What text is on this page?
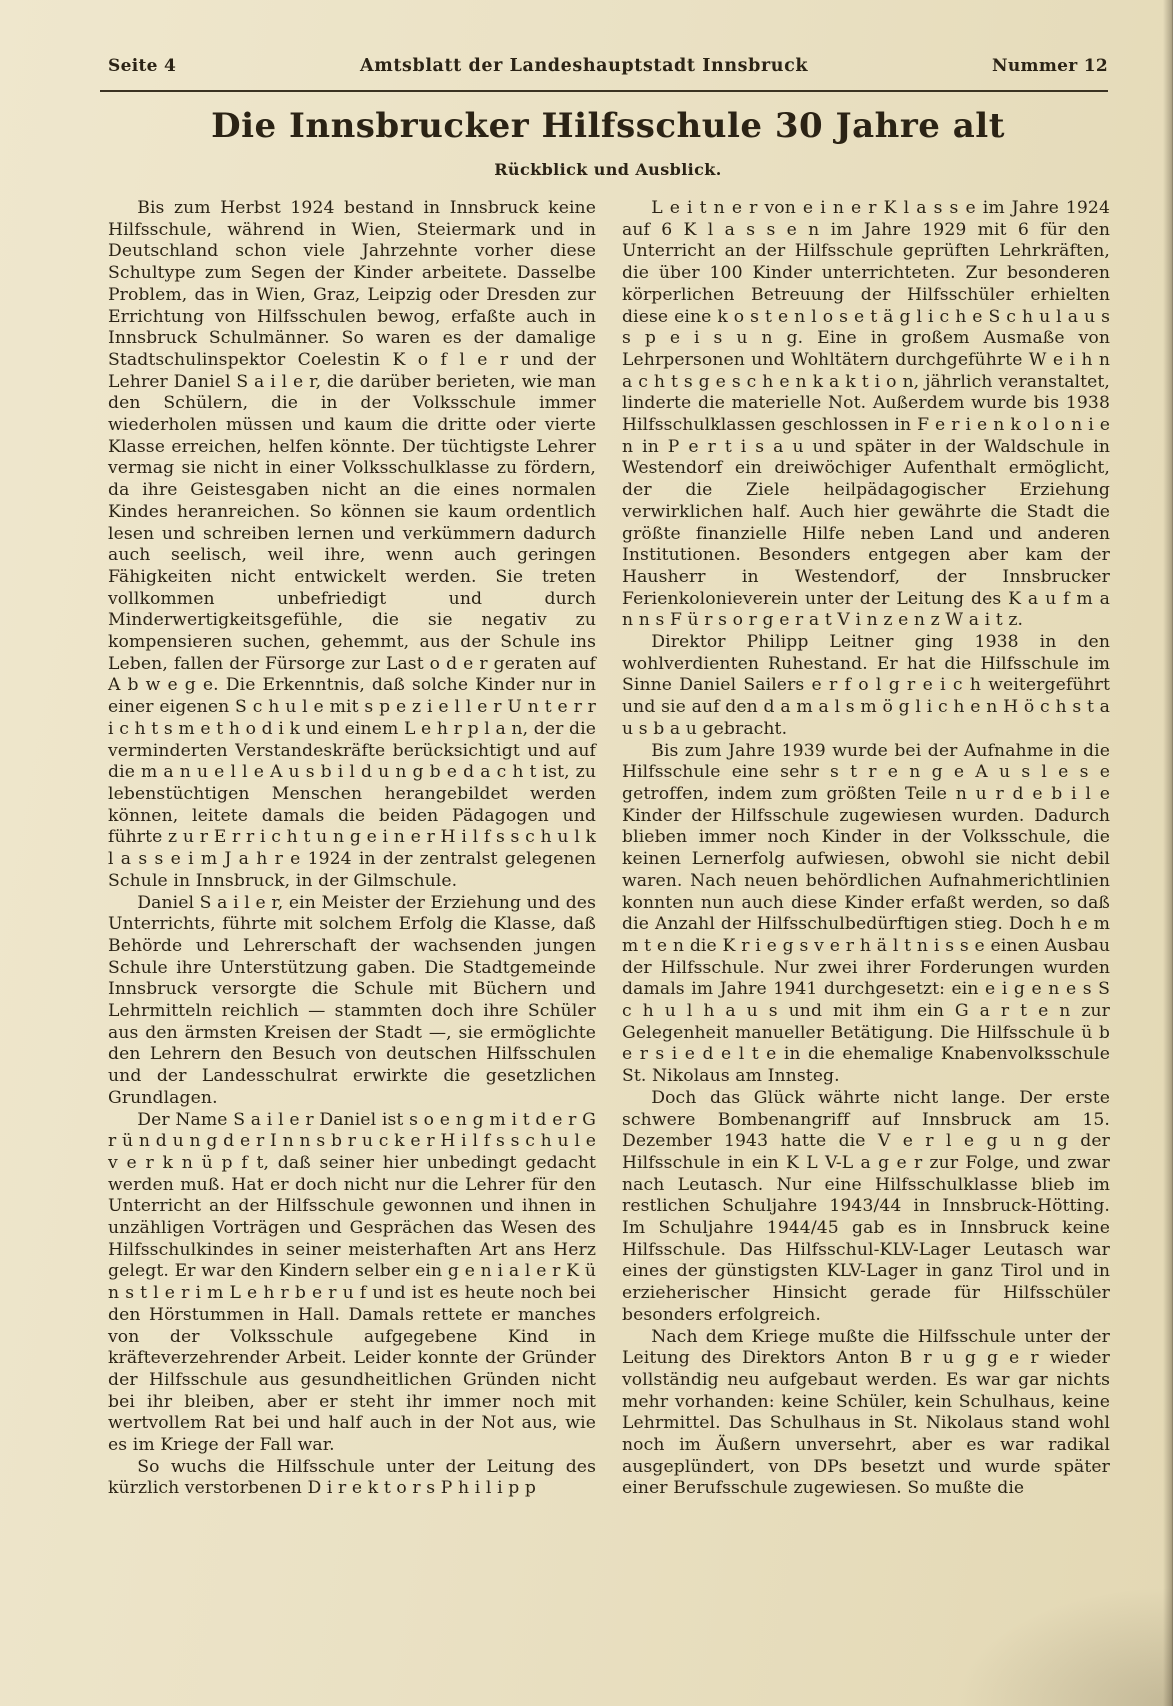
Seite 4	Amtsblatt der Landeshauptstadt Innsbruck	Nummer 12
Die Innsbrucker Hilfsschule 30 Jahre alt
Rückblick und Ausblick.

Bis zum Herbst 1924 bestand in Innsbruck keine Hilfsschule, während in Wien, Steiermark und in Deutschland schon viele Jahrzehnte vorher diese Schultype zum Segen der Kinder arbeitete. Dasselbe Problem, das in Wien, Graz, Leipzig oder Dresden zur Errichtung von Hilfsschulen bewog, erfaßte auch in Innsbruck Schulmänner. So waren es der damalige Stadtschulinspektor Coelestin K o f l e r und der Lehrer Daniel S a i l e r, die darüber berieten, wie man den Schülern, die in der Volksschule immer wiederholen müssen und kaum die dritte oder vierte Klasse erreichen, helfen könnte. Der tüchtigste Lehrer vermag sie nicht in einer Volksschulklasse zu fördern, da ihre Geistesgaben nicht an die eines normalen Kindes heranreichen. So können sie kaum ordentlich lesen und schreiben lernen und verkümmern dadurch auch seelisch, weil ihre, wenn auch geringen Fähigkeiten nicht entwickelt werden. Sie treten vollkommen unbefriedigt und durch Minderwertigkeitsgefühle, die sie negativ zu kompensieren suchen, gehemmt, aus der Schule ins Leben, fallen der Fürsorge zur Last o d e r geraten auf A b w e g e. Die Erkenntnis, daß solche Kinder nur in einer eigenen S c h u l e mit s p e z i e l l e r U n t e r r i c h t s m e t h o d i k und einem L e h r p l a n, der die verminderten Verstandeskräfte berücksichtigt und auf die m a n u e l l e A u s b i l d u n g b e d a c h t ist, zu lebenstüchtigen Menschen herangebildet werden können, leitete damals die beiden Pädagogen und führte z u r E r r i c h t u n g e i n e r H i l f s s c h u l k l a s s e i m J a h r e 1924 in der zentralst gelegenen Schule in Innsbruck, in der Gilmschule.

Daniel S a i l e r, ein Meister der Erziehung und des Unterrichts, führte mit solchem Erfolg die Klasse, daß Behörde und Lehrerschaft der wachsenden jungen Schule ihre Unterstützung gaben. Die Stadtgemeinde Innsbruck versorgte die Schule mit Büchern und Lehrmitteln reichlich — stammten doch ihre Schüler aus den ärmsten Kreisen der Stadt —, sie ermöglichte den Lehrern den Besuch von deutschen Hilfsschulen und der Landesschulrat erwirkte die gesetzlichen Grundlagen.

Der Name S a i l e r Daniel ist s o e n g m i t d e r G r ü n d u n g d e r I n n s b r u c k e r H i l f s s c h u l e v e r k n ü p f t, daß seiner hier unbedingt gedacht werden muß. Hat er doch nicht nur die Lehrer für den Unterricht an der Hilfsschule gewonnen und ihnen in unzähligen Vorträgen und Gesprächen das Wesen des Hilfsschulkindes in seiner meisterhaften Art ans Herz gelegt. Er war den Kindern selber ein g e n i a l e r K ü n s t l e r i m L e h r b e r u f und ist es heute noch bei den Hörstummen in Hall. Damals rettete er manches von der Volksschule aufgegebene Kind in kräfteverzehrender Arbeit. Leider konnte der Gründer der Hilfsschule aus gesundheitlichen Gründen nicht bei ihr bleiben, aber er steht ihr immer noch mit wertvollem Rat bei und half auch in der Not aus, wie es im Kriege der Fall war.

So wuchs die Hilfsschule unter der Leitung des kürzlich verstorbenen D i r e k t o r s P h i l i p p

L e i t n e r von e i n e r K l a s s e im Jahre 1924 auf 6 K l a s s e n im Jahre 1929 mit 6 für den Unterricht an der Hilfsschule geprüften Lehrkräften, die über 100 Kinder unterrichteten. Zur besonderen körperlichen Betreuung der Hilfsschüler erhielten diese eine k o s t e n l o s e t ä g l i c h e S c h u l a u s s p e i s u n g. Eine in großem Ausmaße von Lehrpersonen und Wohltätern durchgeführte W e i h n a c h t s g e s c h e n k a k t i o n, jährlich veranstaltet, linderte die materielle Not. Außerdem wurde bis 1938 Hilfsschulklassen geschlossen in F e r i e n k o l o n i e n in P e r t i s a u und später in der Waldschule in Westendorf ein dreiwöchiger Aufenthalt ermöglicht, der die Ziele heilpädagogischer Erziehung verwirklichen half. Auch hier gewährte die Stadt die größte finanzielle Hilfe neben Land und anderen Institutionen. Besonders entgegen aber kam der Hausherr in Westendorf, der Innsbrucker Ferienkolonieverein unter der Leitung des K a u f m a n n s F ü r s o r g e r a t V i n z e n z W a i t z.

Direktor Philipp Leitner ging 1938 in den wohlverdienten Ruhestand. Er hat die Hilfsschule im Sinne Daniel Sailers e r f o l g r e i c h weitergeführt und sie auf den d a m a l s m ö g l i c h e n H ö c h s t a u s b a u gebracht.

Bis zum Jahre 1939 wurde bei der Aufnahme in die Hilfsschule eine sehr s t r e n g e A u s l e s e getroffen, indem zum größten Teile n u r d e b i l e Kinder der Hilfsschule zugewiesen wurden. Dadurch blieben immer noch Kinder in der Volksschule, die keinen Lernerfolg aufwiesen, obwohl sie nicht debil waren. Nach neuen behördlichen Aufnahmerichtlinien konnten nun auch diese Kinder erfaßt werden, so daß die Anzahl der Hilfsschulbedürftigen stieg. Doch h e m m t e n die K r i e g s v e r h ä l t n i s s e einen Ausbau der Hilfsschule. Nur zwei ihrer Forderungen wurden damals im Jahre 1941 durchgesetzt: ein e i g e n e s S c h u l h a u s und mit ihm ein G a r t e n zur Gelegenheit manueller Betätigung. Die Hilfsschule ü b e r s i e d e l t e in die ehemalige Knabenvolksschule St. Nikolaus am Innsteg.

Doch das Glück währte nicht lange. Der erste schwere Bombenangriff auf Innsbruck am 15. Dezember 1943 hatte die V e r l e g u n g der Hilfsschule in ein K L V-L a g e r zur Folge, und zwar nach Leutasch. Nur eine Hilfsschulklasse blieb im restlichen Schuljahre 1943/44 in Innsbruck-Hötting. Im Schuljahre 1944/45 gab es in Innsbruck keine Hilfsschule. Das Hilfsschul-KLV-Lager Leutasch war eines der günstigsten KLV-Lager in ganz Tirol und in erzieherischer Hinsicht gerade für Hilfsschüler besonders erfolgreich.

Nach dem Kriege mußte die Hilfsschule unter der Leitung des Direktors Anton B r u g g e r wieder vollständig neu aufgebaut werden. Es war gar nichts mehr vorhanden: keine Schüler, kein Schulhaus, keine Lehrmittel. Das Schulhaus in St. Nikolaus stand wohl noch im Äußern unversehrt, aber es war radikal ausgeplündert, von DPs besetzt und wurde später einer Berufsschule zugewiesen. So mußte die
